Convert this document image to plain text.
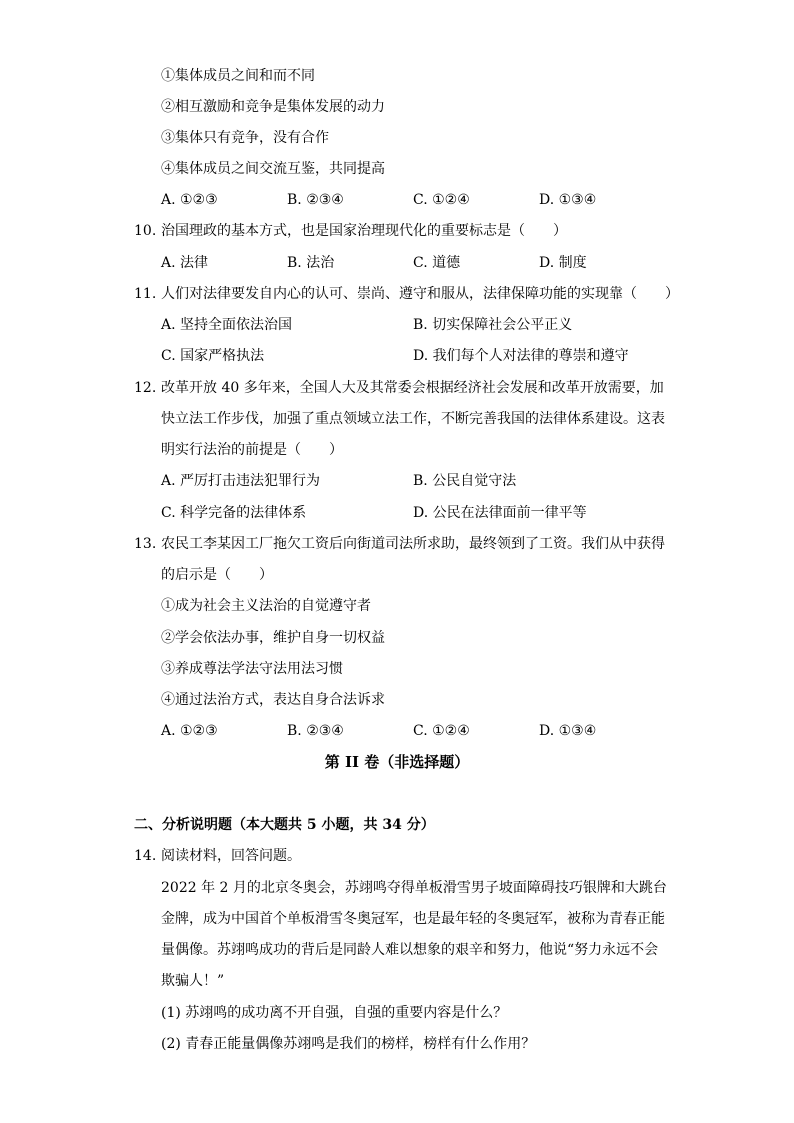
①集体成员之间和而不同
②相互激励和竞争是集体发展的动力
③集体只有竞争，没有合作
④集体成员之间交流互鉴，共同提高
A. ①②③	B. ②③④	C. ①②④	D. ①③④
10. 治国理政的基本方式，也是国家治理现代化的重要标志是（　　）
A. 法律	B. 法治	C. 道德	D. 制度
11. 人们对法律要发自内心的认可、崇尚、遵守和服从，法律保障功能的实现靠（　　）
A. 坚持全面依法治国	B. 切实保障社会公平正义
C. 国家严格执法	D. 我们每个人对法律的尊崇和遵守
12. 改革开放 40 多年来，全国人大及其常委会根据经济社会发展和改革开放需要，加
快立法工作步伐，加强了重点领域立法工作，不断完善我国的法律体系建设。这表
明实行法治的前提是（　　）
A. 严厉打击违法犯罪行为	B. 公民自觉守法
C. 科学完备的法律体系	D. 公民在法律面前一律平等
13. 农民工李某因工厂拖欠工资后向街道司法所求助，最终领到了工资。我们从中获得
的启示是（　　）
①成为社会主义法治的自觉遵守者
②学会依法办事，维护自身一切权益
③养成尊法学法守法用法习惯
④通过法治方式，表达自身合法诉求
A. ①②③	B. ②③④	C. ①②④	D. ①③④
第 II 卷（非选择题）
二、分析说明题（本大题共 5 小题，共 34 分）
14. 阅读材料，回答问题。
2022 年 2 月的北京冬奥会，苏翊鸣夺得单板滑雪男子坡面障碍技巧银牌和大跳台
金牌，成为中国首个单板滑雪冬奥冠军，也是最年轻的冬奥冠军，被称为青春正能
量偶像。苏翊鸣成功的背后是同龄人难以想象的艰辛和努力，他说“努力永远不会
欺骗人！”
(1) 苏翊鸣的成功离不开自强，自强的重要内容是什么？
(2) 青春正能量偶像苏翊鸣是我们的榜样，榜样有什么作用？
